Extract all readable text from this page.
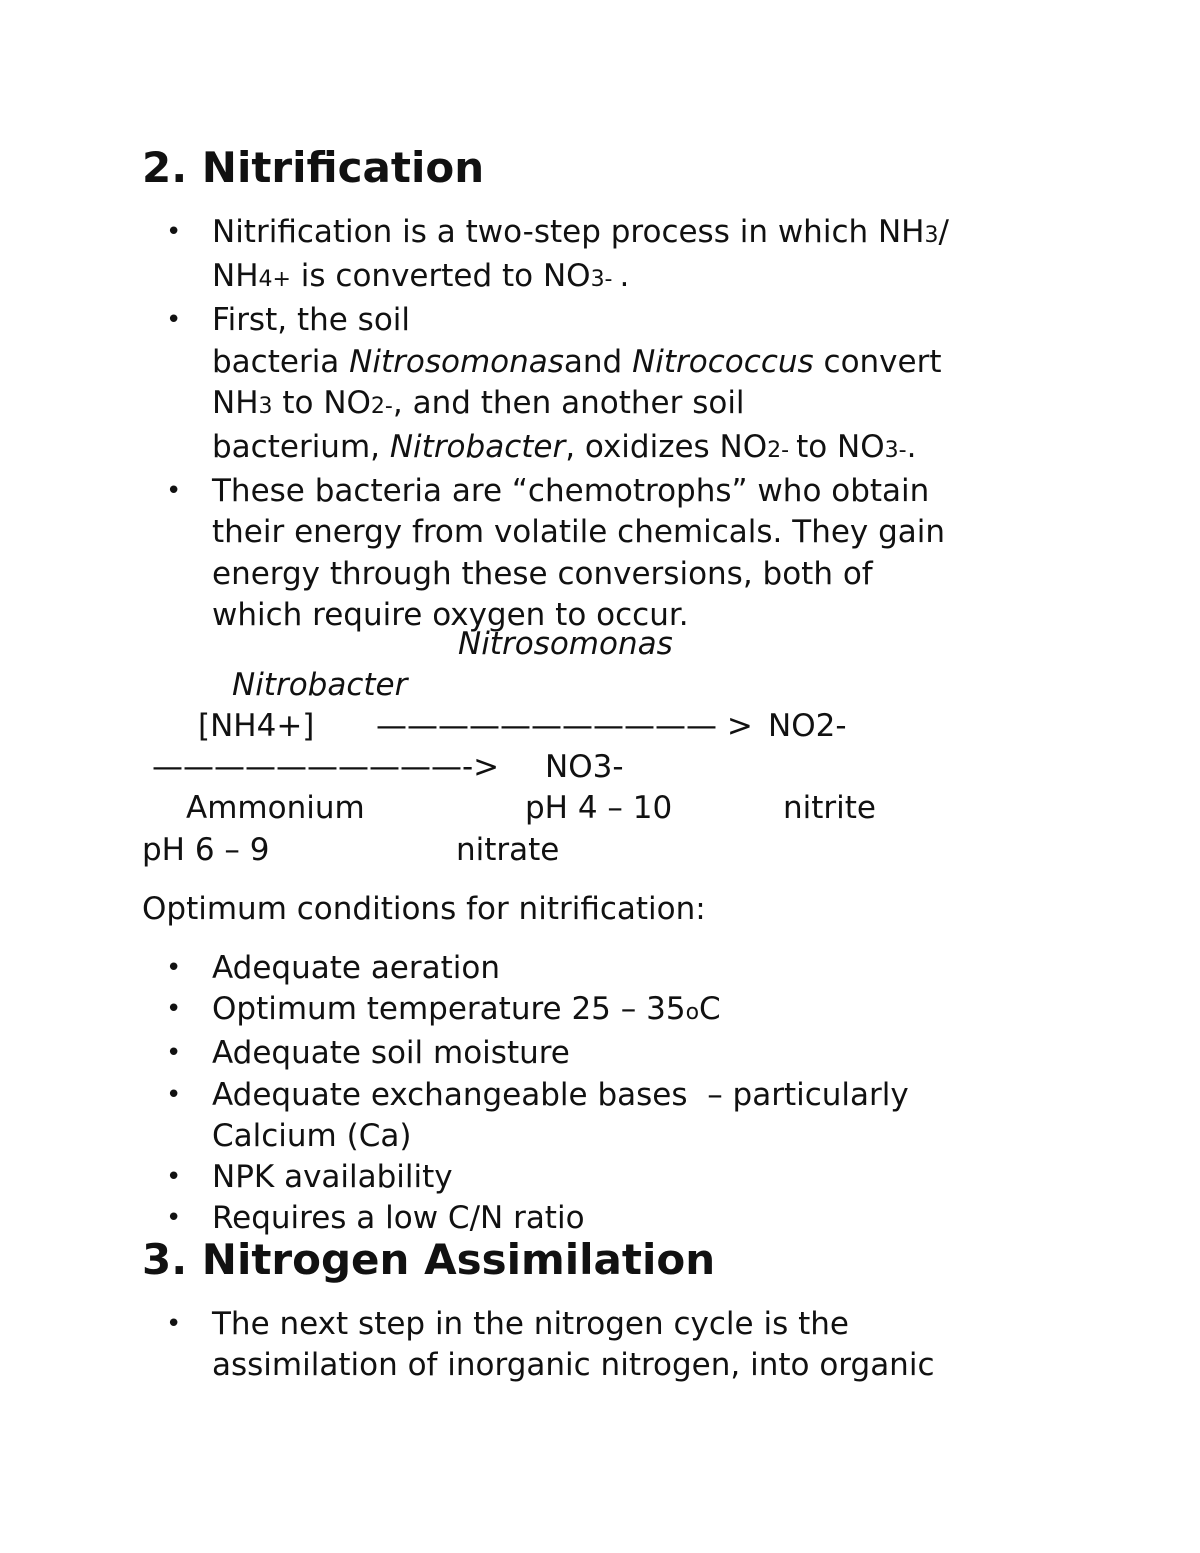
2. Nitrification
• Nitrification is a two-step process in which NH3/
NH4+ is converted to NO3- .
• First, the soil
bacteria Nitrosomonasand Nitrococcus convert
NH3 to NO2-, and then another soil
bacterium, Nitrobacter, oxidizes NO2- to NO3-.
• These bacteria are “chemotrophs” who obtain
their energy from volatile chemicals. They gain
energy through these conversions, both of
which require oxygen to occur.
Nitrosomonas
Nitrobacter
[NH4+] ——————————— > NO2-
——————————-> NO3-
Ammonium	pH 4 – 10	nitrite
pH 6 – 9	nitrate
Optimum conditions for nitrification:
• Adequate aeration
• Optimum temperature 25 – 35oC
• Adequate soil moisture
• Adequate exchangeable bases  – particularly
Calcium (Ca)
• NPK availability
• Requires a low C/N ratio
3. Nitrogen Assimilation
• The next step in the nitrogen cycle is the
assimilation of inorganic nitrogen, into organic
